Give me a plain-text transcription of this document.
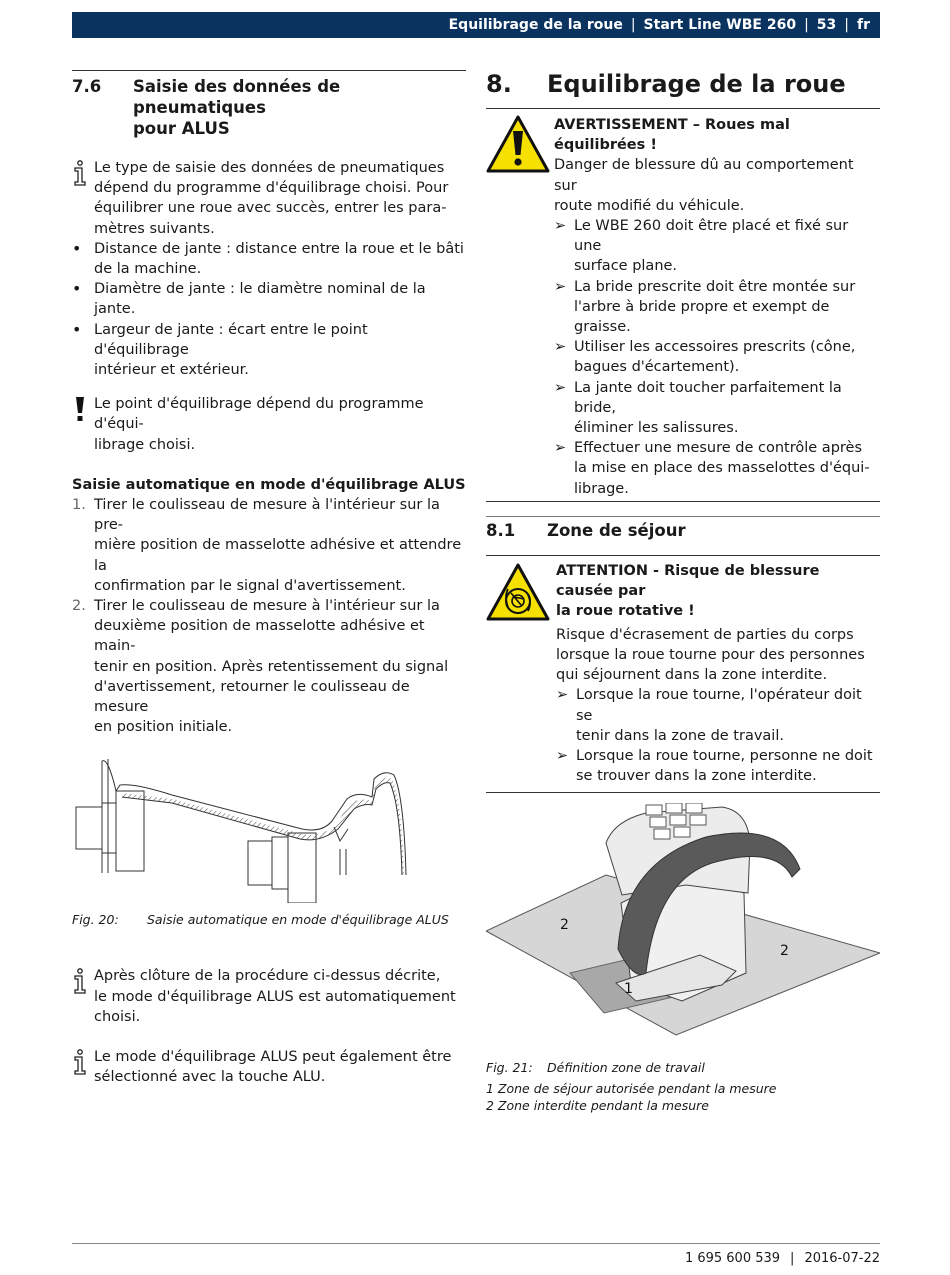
Equilibrage de la roue | Start Line WBE 260 | 53 | fr
7.6	Saisie des données de pneumatiques
pour ALUS

Le type de saisie des données de pneumatiques
dépend du programme d'équilibrage choisi. Pour
équilibrer une roue avec succès, entrer les para-
mètres suivants.

• Distance de jante : distance entre la roue et le bâti
de la machine.
• Diamètre de jante : le diamètre nominal de la jante.
• Largeur de jante : écart entre le point d'équilibrage
intérieur et extérieur.

Le point d'équilibrage dépend du programme d'équi-
librage choisi.

Saisie automatique en mode d'équilibrage ALUS

1. Tirer le coulisseau de mesure à l'intérieur sur la pre-
mière position de masselotte adhésive et attendre la
confirmation par le signal d'avertissement.
2. Tirer le coulisseau de mesure à l'intérieur sur la
deuxième position de masselotte adhésive et main-
tenir en position. Après retentissement du signal
d'avertissement, retourner le coulisseau de mesure
en position initiale.

Fig. 20: Saisie automatique en mode d'équilibrage ALUS

Après clôture de la procédure ci-dessus décrite,
le mode d'équilibrage ALUS est automatiquement
choisi.

Le mode d'équilibrage ALUS peut également être
sélectionné avec la touche ALU.

8.	Equilibrage de la roue

AVERTISSEMENT – Roues mal équilibrées !

Danger de blessure dû au comportement sur
route modifié du véhicule.

➢ Le WBE 260 doit être placé et fixé sur une
surface plane.
➢ La bride prescrite doit être montée sur
l'arbre à bride propre et exempt de graisse.
➢ Utiliser les accessoires prescrits (cône,
bagues d'écartement).
➢ La jante doit toucher parfaitement la bride,
éliminer les salissures.
➢ Effectuer une mesure de contrôle après
la mise en place des masselottes d'équi-
librage.
8.1	Zone de séjour

ATTENTION - Risque de blessure causée par

la roue rotative !

Risque d'écrasement de parties du corps
lorsque la roue tourne pour des personnes
qui séjournent dans la zone interdite.

➢ Lorsque la roue tourne, l'opérateur doit se
tenir dans la zone de travail.
➢ Lorsque la roue tourne, personne ne doit
se trouver dans la zone interdite.
2
2
1

Fig. 21: Définition zone de travail

1 Zone de séjour autorisée pendant la mesure

2 Zone interdite pendant la mesure

1 695 600 539 | 2016-07-22
